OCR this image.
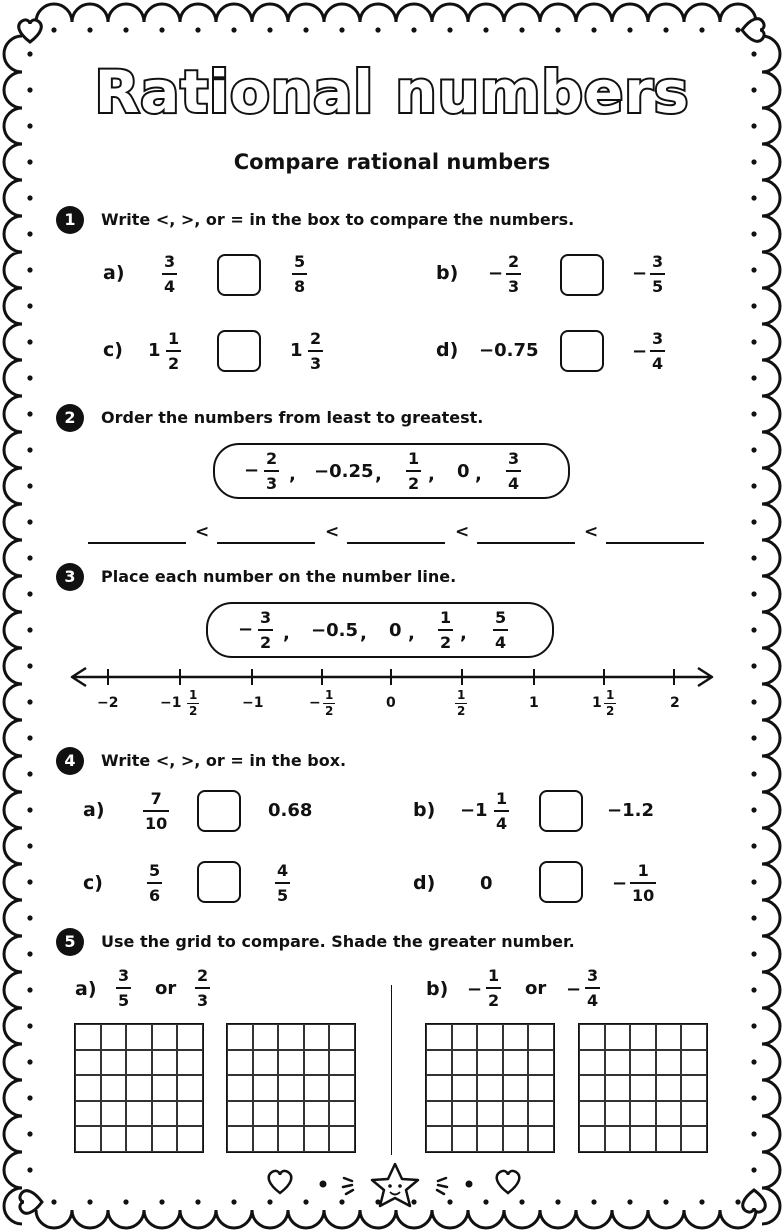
Rational numbers
Compare rational numbers
1	Write <, >, or = in the box to compare the numbers.
a)
3
4
5
8
b) −
2
3
−
3
5
c) 1
1
2
1
2
3
d) −0.75	−
3
4
2	Order the numbers from least to greatest.
−
2
3 , −0.25 ,
1
2 , 0 ,
3
4
<	<	<	<
3	Place each number on the number line.
−
3
2 , −0.5 , 0 ,
1
2 ,
5
4
−2	−1 1
2	−1	− 1
2	0	1
2	1	1 1
2	2
4	Write <, >, or = in the box.
a)
7
10
0.68	b) − 1
1
4
−1.2
c)
5
6
4
5
d) 0	−
1
10
5	Use the grid to compare. Shade the greater number.
a)
3
5
or
2
3
b) −
1
2
or −
3
4
